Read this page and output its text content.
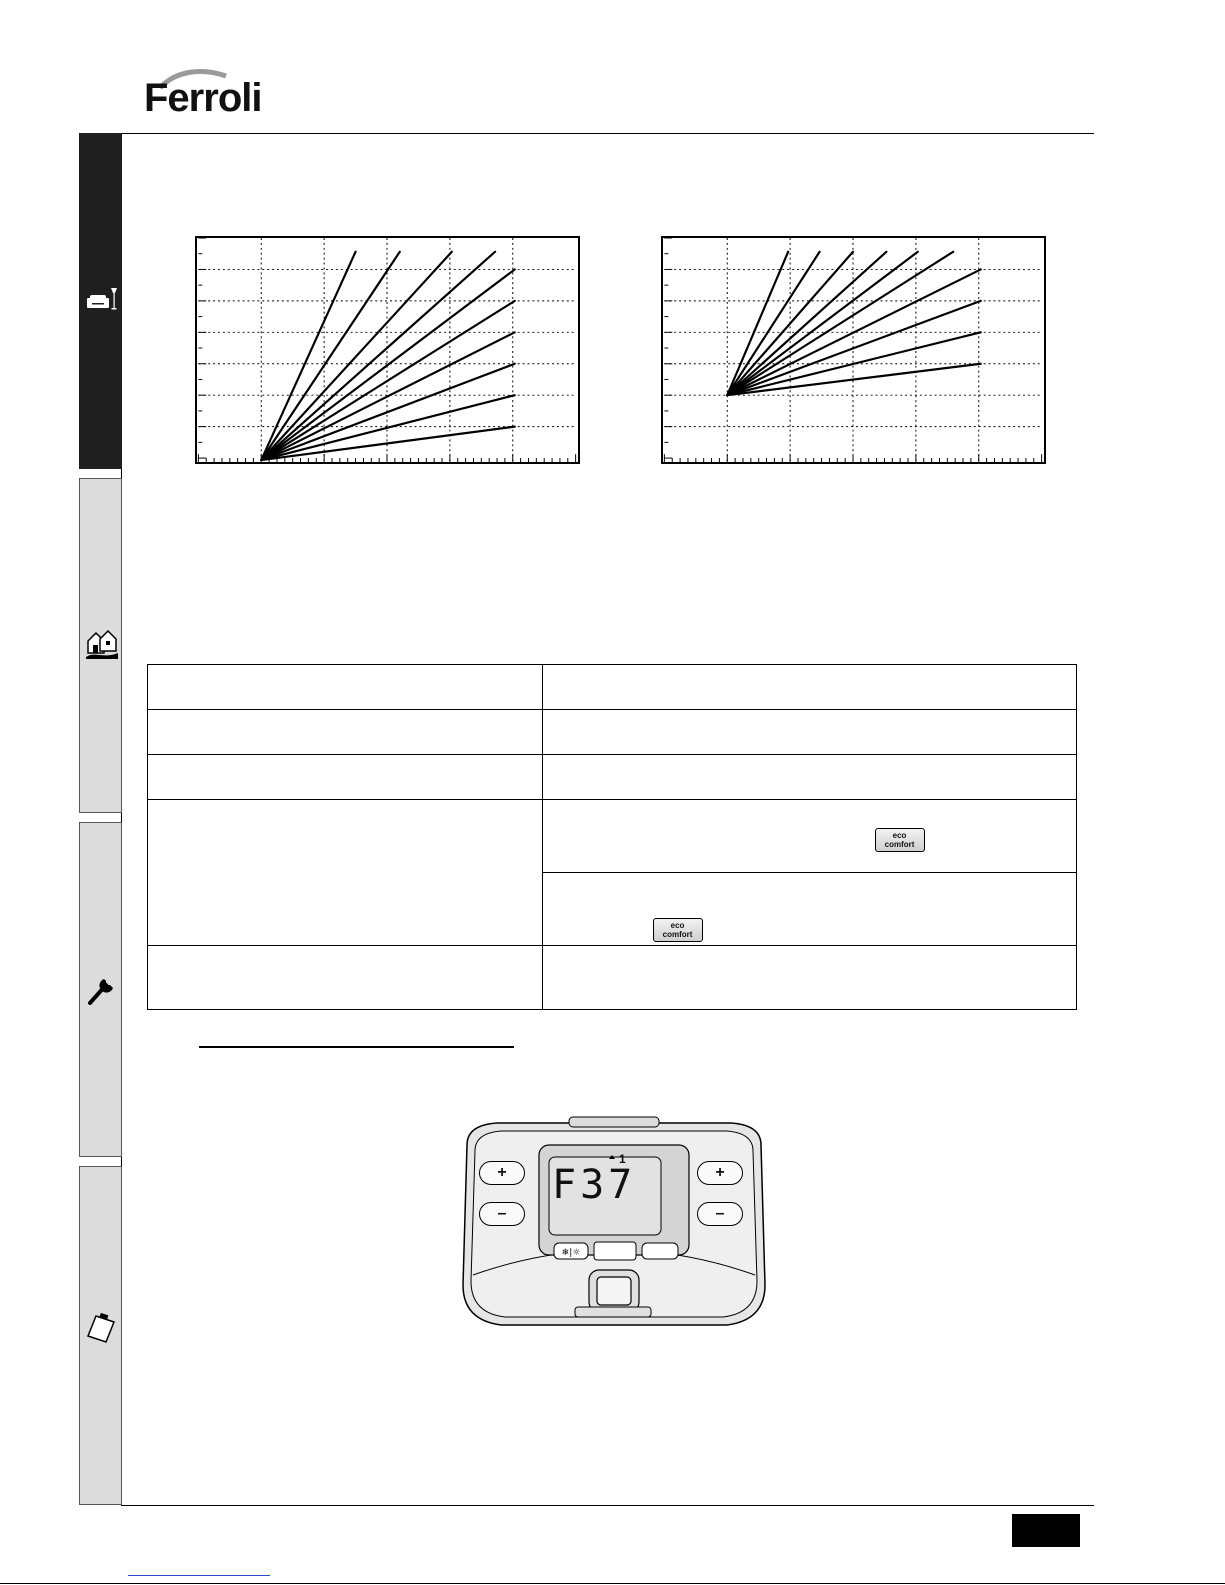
Ferroli

	eco
comfort

	eco
comfort

❄|☼
F37
1
+
–
+
–
